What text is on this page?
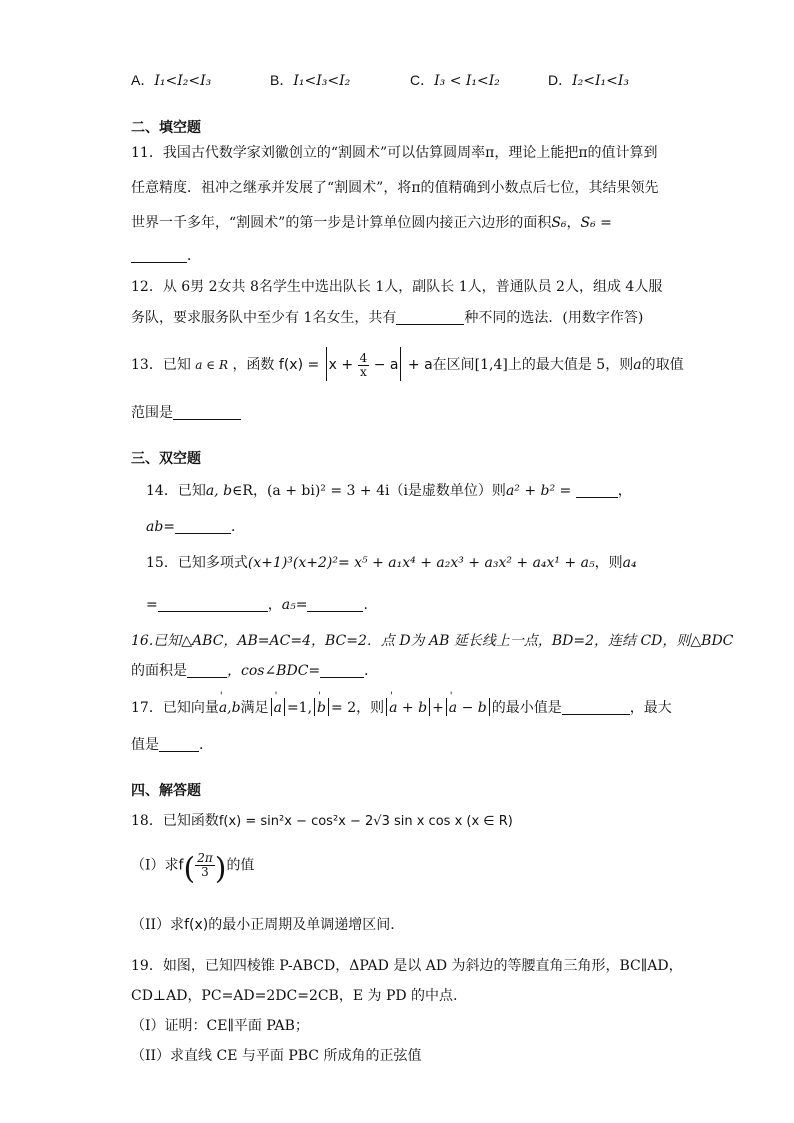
A．I₁<I₂<I₃	B．I₁<I₃<I₂	C．I₃ < I₁<I₂	D．I₂<I₁<I₃
二、填空题
11．我国古代数学家刘徽创立的“割圆术”可以估算圆周率π，理论上能把π的值计算到
任意精度．祖冲之继承并发展了“割圆术”，将π的值精确到小数点后七位，其结果领先
世界一千多年，“割圆术”的第一步是计算单位圆内接正六边形的面积S₆，S₆ =
．
12．从 6男 2女共 8名学生中选出队长 1人，副队长 1人，普通队员 2人，组成 4人服
务队，要求服务队中至少有 1名女生，共有	种不同的选法．(用数字作答)
13．已知 a ∈ R ，函数 $f(x) = x + \frac{4}{x} - a + a$在区间[1,4]上的最大值是 5，则a的取值
范围是
三、双空题
14．已知a, b∈R，(a + bi)² = 3 + 4i（i是虚数单位）则a² + b² =	，
ab=	．
15．已知多项式(x+1)³(x+2)²= x⁵ + a₁x⁴ + a₂x³ + a₃x² + a₄x¹ + a₅，则a₄
=	，a₅=	.
16.已知△ABC，AB=AC=4，BC=2．点 D为 AB 延长线上一点，BD=2，连结 CD，则△BDC
的面积是	，cos∠BDC=	．
17．已知向量' a,b满足 ' a =1, ' b = 2，则 ' a + b + ' a − b 的最小值是	，最大
值是	．
四、解答题
18．已知函数f(x) = sin²x − cos²x − 2√3 sin x cos x (x ∈ R)
（I）求$f( \frac{2\pi}{3}$ )的值
（II）求f(x)的最小正周期及单调递增区间.
19．如图，已知四棱锥 P-ABCD，ΔPAD 是以 AD 为斜边的等腰直角三角形，BC∥AD，
CD⊥AD，PC=AD=2DC=2CB，E 为 PD 的中点.
（I）证明：CE∥平面 PAB；
（II）求直线 CE 与平面 PBC 所成角的正弦值
